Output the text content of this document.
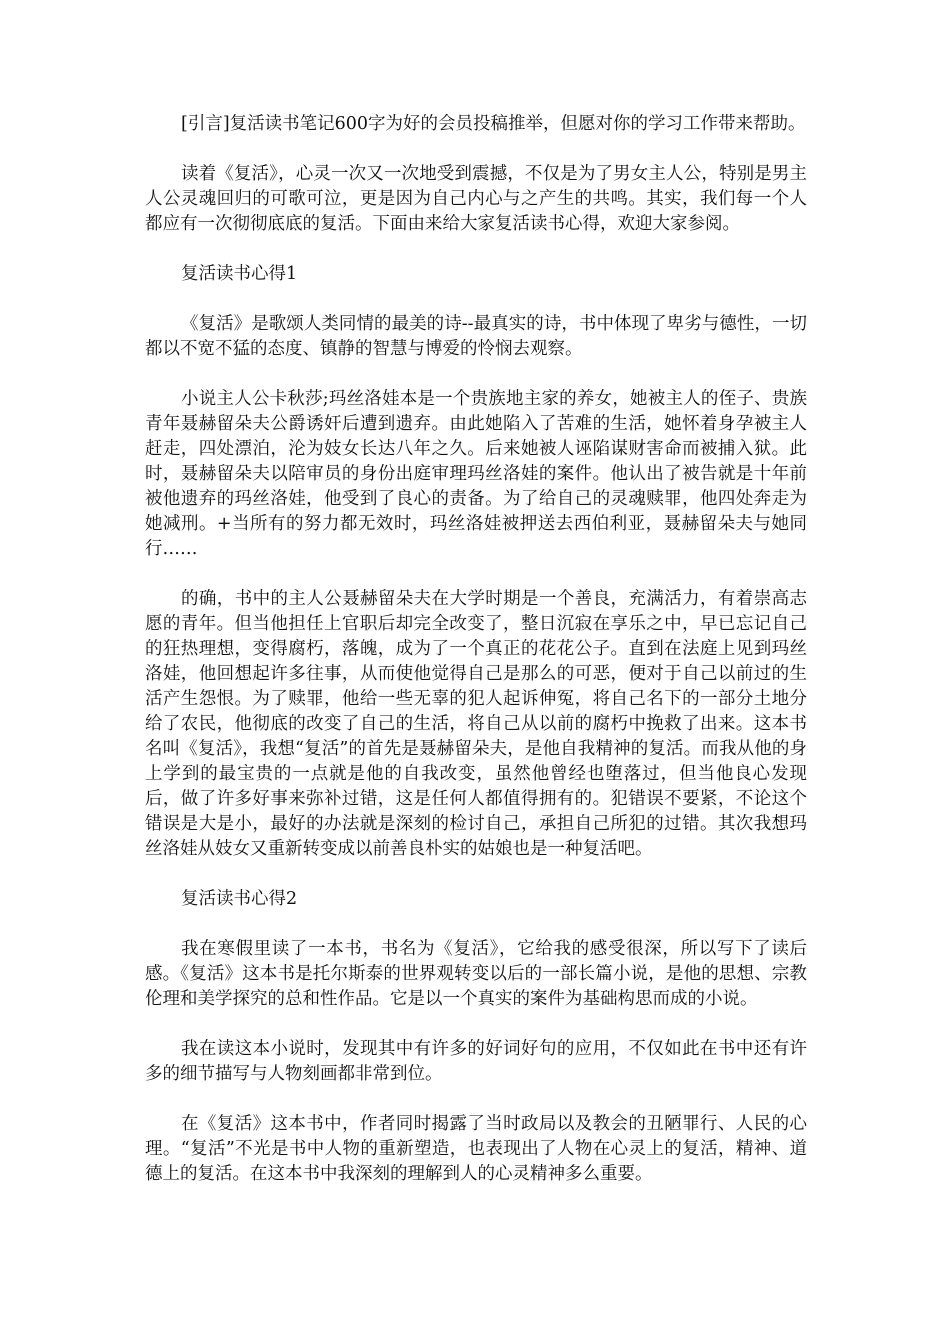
[引言]复活读书笔记600字为好的会员投稿推举，但愿对你的学习工作带来帮助。

读着《复活》，心灵一次又一次地受到震撼，不仅是为了男女主人公，特别是男主人公灵魂回归的可歌可泣，更是因为自己内心与之产生的共鸣。其实，我们每一个人都应有一次彻彻底底的复活。下面由来给大家复活读书心得，欢迎大家参阅。

复活读书心得1

《复活》是歌颂人类同情的最美的诗--最真实的诗，书中体现了卑劣与德性，一切都以不宽不猛的态度、镇静的智慧与博爱的怜悯去观察。

小说主人公卡秋莎;玛丝洛娃本是一个贵族地主家的养女，她被主人的侄子、贵族青年聂赫留朵夫公爵诱奸后遭到遗弃。由此她陷入了苦难的生活，她怀着身孕被主人赶走，四处漂泊，沦为妓女长达八年之久。后来她被人诬陷谋财害命而被捕入狱。此时，聂赫留朵夫以陪审员的身份出庭审理玛丝洛娃的案件。他认出了被告就是十年前被他遗弃的玛丝洛娃，他受到了良心的责备。为了给自己的灵魂赎罪，他四处奔走为她减刑。+当所有的努力都无效时，玛丝洛娃被押送去西伯利亚，聂赫留朵夫与她同行……

的确，书中的主人公聂赫留朵夫在大学时期是一个善良，充满活力，有着崇高志愿的青年。但当他担任上官职后却完全改变了，整日沉寂在享乐之中，早已忘记自己的狂热理想，变得腐朽，落魄，成为了一个真正的花花公子。直到在法庭上见到玛丝洛娃，他回想起许多往事，从而使他觉得自己是那么的可恶，便对于自己以前过的生活产生怨恨。为了赎罪，他给一些无辜的犯人起诉伸冤，将自己名下的一部分土地分给了农民，他彻底的改变了自己的生活，将自己从以前的腐朽中挽救了出来。这本书名叫《复活》，我想“复活”的首先是聂赫留朵夫，是他自我精神的复活。而我从他的身上学到的最宝贵的一点就是他的自我改变，虽然他曾经也堕落过，但当他良心发现后，做了许多好事来弥补过错，这是任何人都值得拥有的。犯错误不要紧，不论这个错误是大是小，最好的办法就是深刻的检讨自己，承担自己所犯的过错。其次我想玛丝洛娃从妓女又重新转变成以前善良朴实的姑娘也是一种复活吧。

复活读书心得2

我在寒假里读了一本书，书名为《复活》，它给我的感受很深，所以写下了读后感。《复活》这本书是托尔斯泰的世界观转变以后的一部长篇小说，是他的思想、宗教伦理和美学探究的总和性作品。它是以一个真实的案件为基础构思而成的小说。

我在读这本小说时，发现其中有许多的好词好句的应用，不仅如此在书中还有许多的细节描写与人物刻画都非常到位。

在《复活》这本书中，作者同时揭露了当时政局以及教会的丑陋罪行、人民的心理。“复活”不光是书中人物的重新塑造，也表现出了人物在心灵上的复活，精神、道德上的复活。在这本书中我深刻的理解到人的心灵精神多么重要。
